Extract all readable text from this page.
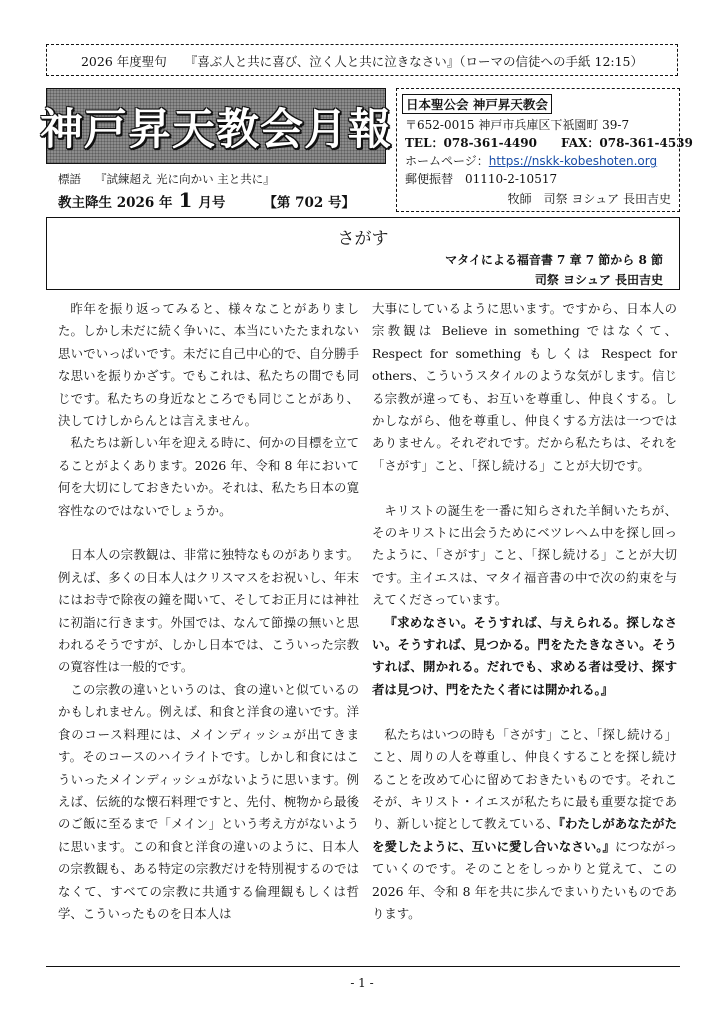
2026 年度聖句 『喜ぶ人と共に喜び、泣く人と共に泣きなさい』（ローマの信徒への手紙 12:15）
神戸昇天教会月報
標語 『試練超え 光に向かい 主と共に』
教主降生 2026 年 1 月号	【第 702 号】
日本聖公会 神戸昇天教会
〒652-0015 神戸市兵庫区下祇園町 39-7
TEL：078-361-4490 FAX：078-361-4539
ホームページ：https://nskk-kobeshoten.org
郵便振替　01110-2-10517
牧師　司祭 ヨシュア 長田吉史
さがす
マタイによる福音書 7 章 7 節から 8 節
司祭 ヨシュア 長田吉史

昨年を振り返ってみると、様々なことがありました。しかし未だに続く争いに、本当にいたたまれない思いでいっぱいです。未だに自己中心的で、自分勝手な思いを振りかざす。でもこれは、私たちの間でも同じです。私たちの身近なところでも同じことがあり、決してけしからんとは言えません。

私たちは新しい年を迎える時に、何かの目標を立てることがよくあります。2026 年、令和 8 年において何を大切にしておきたいか。それは、私たち日本の寛容性なのではないでしょうか。

日本人の宗教観は、非常に独特なものがあります。例えば、多くの日本人はクリスマスをお祝いし、年末にはお寺で除夜の鐘を聞いて、そしてお正月には神社に初詣に行きます。外国では、なんて節操の無いと思われるそうですが、しかし日本では、こういった宗教の寛容性は一般的です。

この宗教の違いというのは、食の違いと似ているのかもしれません。例えば、和食と洋食の違いです。洋食のコース料理には、メインディッシュが出てきます。そのコースのハイライトです。しかし和食にはこういったメインディッシュがないように思います。例えば、伝統的な懐石料理ですと、先付、椀物から最後のご飯に至るまで「メイン」という考え方がないように思います。この和食と洋食の違いのように、日本人の宗教観も、ある特定の宗教だけを特別視するのではなくて、すべての宗教に共通する倫理観もしくは哲学、こういったものを日本人は

大事にしているように思います。ですから、日本人の宗教観は Believe in something ではなくて、Respect for something もしくは Respect for others、こういうスタイルのような気がします。信じる宗教が違っても、お互いを尊重し、仲良くする。しかしながら、他を尊重し、仲良くする方法は一つではありません。それぞれです。だから私たちは、それを「さがす」こと、「探し続ける」ことが大切です。

キリストの誕生を一番に知らされた羊飼いたちが、そのキリストに出会うためにベツレヘム中を探し回ったように、「さがす」こと、「探し続ける」ことが大切です。主イエスは、マタイ福音書の中で次の約束を与えてくださっています。

『求めなさい。そうすれば、与えられる。探しなさい。そうすれば、見つかる。門をたたきなさい。そうすれば、開かれる。だれでも、求める者は受け、探す者は見つけ、門をたたく者には開かれる。』

私たちはいつの時も「さがす」こと、「探し続ける」こと、周りの人を尊重し、仲良くすることを探し続けることを改めて心に留めておきたいものです。それこそが、キリスト・イエスが私たちに最も重要な掟であり、新しい掟として教えている、『わたしがあなたがたを愛したように、互いに愛し合いなさい。』につながっていくのです。そのことをしっかりと覚えて、この 2026 年、令和 8 年を共に歩んでまいりたいものであります。

- 1 -
